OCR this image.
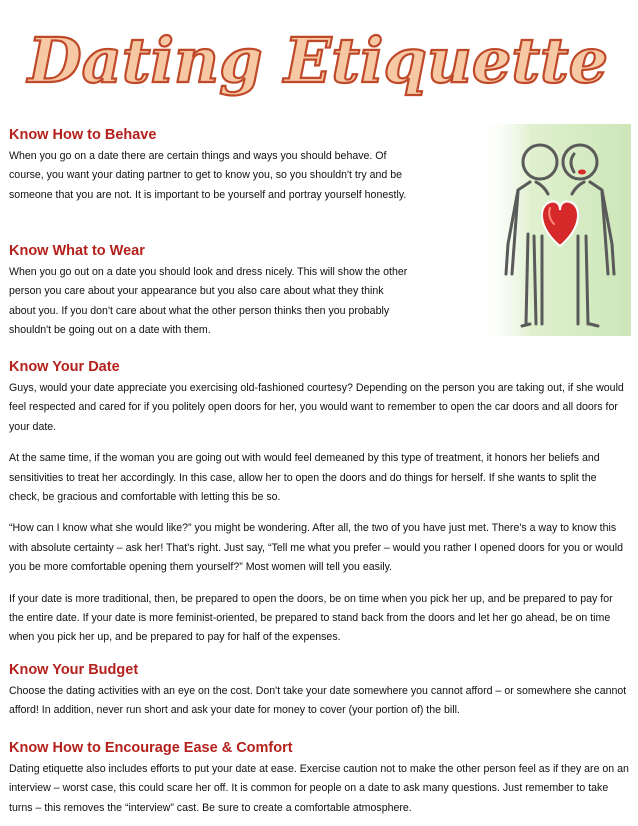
Dating Etiquette
Know How to Behave

When you go on a date there are certain things and ways you should behave. Of course, you want your dating partner to get to know you, so you shouldn't try and be someone that you are not. It is important to be yourself and portray yourself honestly.

Know What to Wear

When you go out on a date you should look and dress nicely. This will show the other person you care about your appearance but you also care about what they think about you. If you don't care about what the other person thinks then you probably shouldn't be going out on a date with them.

Know Your Date

Guys, would your date appreciate you exercising old-fashioned courtesy? Depending on the person you are taking out, if she would feel respected and cared for if you politely open doors for her, you would want to remember to open the car doors and all doors for your date.

At the same time, if the woman you are going out with would feel demeaned by this type of treatment, it honors her beliefs and sensitivities to treat her accordingly. In this case, allow her to open the doors and do things for herself. If she wants to split the check, be gracious and comfortable with letting this be so.

“How can I know what she would like?” you might be wondering. After all, the two of you have just met. There's a way to know this with absolute certainty – ask her! That's right. Just say, “Tell me what you prefer – would you rather I opened doors for you or would you be more comfortable opening them yourself?” Most women will tell you easily.

If your date is more traditional, then, be prepared to open the doors, be on time when you pick her up, and be prepared to pay for the entire date. If your date is more feminist-oriented, be prepared to stand back from the doors and let her go ahead, be on time when you pick her up, and be prepared to pay for half of the expenses.

Know Your Budget

Choose the dating activities with an eye on the cost. Don't take your date somewhere you cannot afford – or somewhere she cannot afford! In addition, never run short and ask your date for money to cover (your portion of) the bill.

Know How to Encourage Ease & Comfort

Dating etiquette also includes efforts to put your date at ease. Exercise caution not to make the other person feel as if they are on an interview – worst case, this could scare her off. It is common for people on a date to ask many questions. Just remember to take turns – this removes the “interview” cast. Be sure to create a comfortable atmosphere.
